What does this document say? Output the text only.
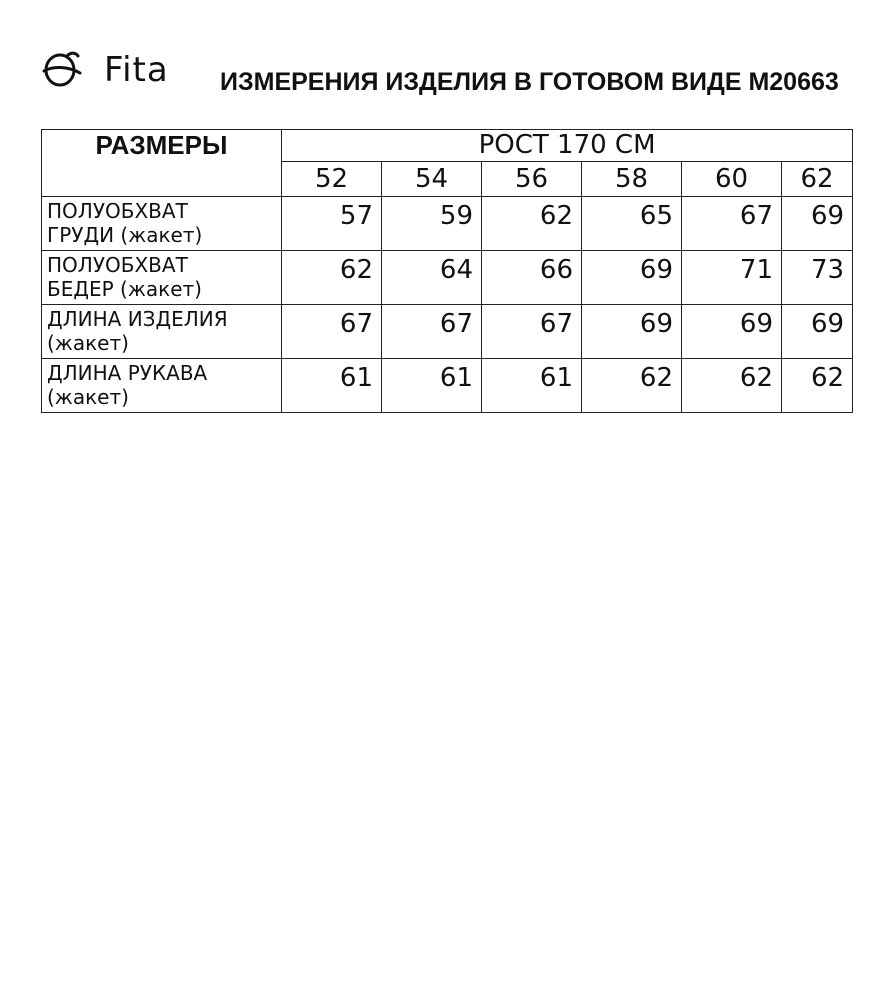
Fita ИЗМЕРЕНИЯ ИЗДЕЛИЯ В ГОТОВОМ ВИДЕ М20663
РАЗМЕРЫ	РОСТ 170 СМ					
	52	54	56	58	60	62

ПОЛУОБХВАТ
ГРУДИ (жакет)	57	59	62	65	67	69

ПОЛУОБХВАТ
БЕДЕР (жакет)	62	64	66	69	71	73

ДЛИНА ИЗДЕЛИЯ
(жакет)	67	67	67	69	69	69

ДЛИНА РУКАВА
(жакет)	61	61	61	62	62	62
